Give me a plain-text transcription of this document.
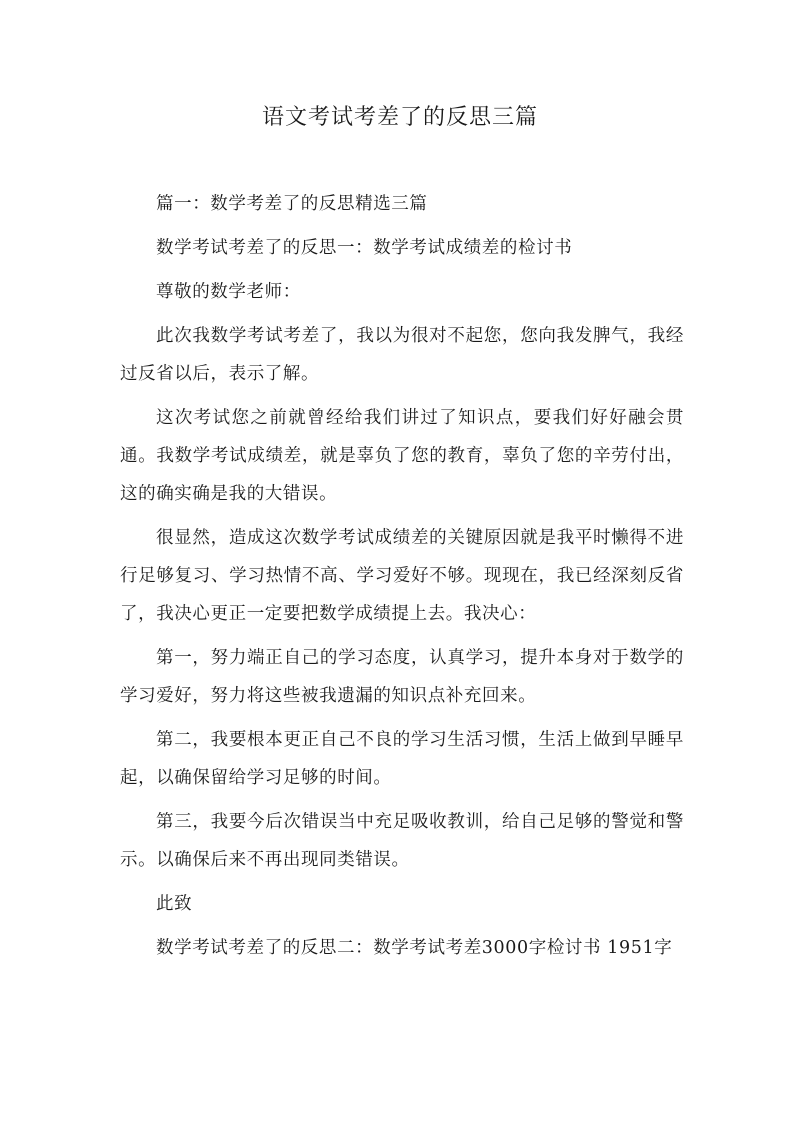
语文考试考差了的反思三篇

篇一：数学考差了的反思精选三篇

数学考试考差了的反思一：数学考试成绩差的检讨书

尊敬的数学老师：

此次我数学考试考差了，我以为很对不起您，您向我发脾气，我经过反省以后，表示了解。

这次考试您之前就曾经给我们讲过了知识点，要我们好好融会贯通。我数学考试成绩差，就是辜负了您的教育，辜负了您的辛劳付出，这的确实确是我的大错误。

很显然，造成这次数学考试成绩差的关键原因就是我平时懒得不进行足够复习、学习热情不高、学习爱好不够。现现在，我已经深刻反省了，我决心更正一定要把数学成绩提上去。我决心：

第一，努力端正自己的学习态度，认真学习，提升本身对于数学的学习爱好，努力将这些被我遗漏的知识点补充回来。

第二，我要根本更正自己不良的学习生活习惯，生活上做到早睡早起，以确保留给学习足够的时间。

第三，我要今后次错误当中充足吸收教训，给自己足够的警觉和警示。以确保后来不再出现同类错误。

此致

数学考试考差了的反思二：数学考试考差3000字检讨书 1951字
